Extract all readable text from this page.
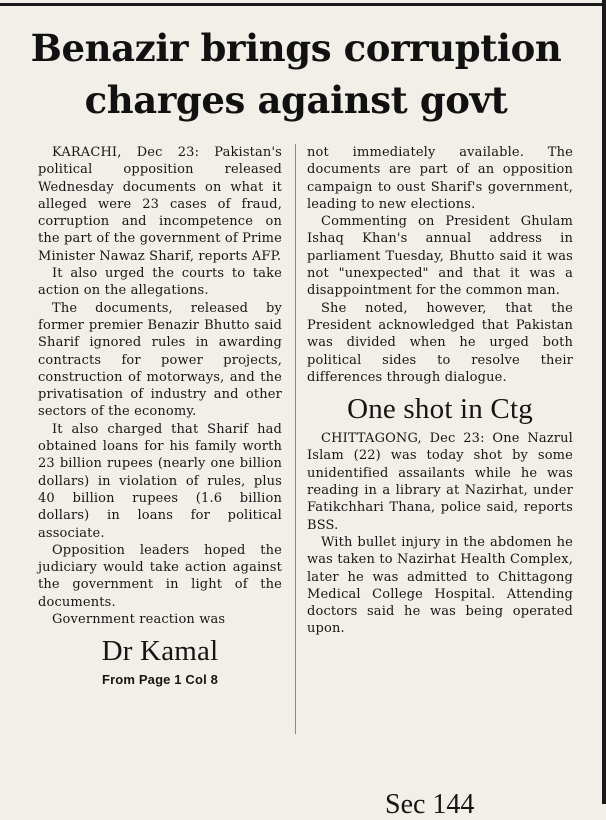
Benazir brings corruption
charges against govt

KARACHI, Dec 23: Pakistan's political opposition released Wednesday documents on what it alleged were 23 cases of fraud, corruption and incompetence on the part of the government of Prime Minister Nawaz Sharif, reports AFP.

It also urged the courts to take action on the allegations.

The documents, released by former premier Benazir Bhutto said Sharif ignored rules in awarding contracts for power projects, construction of motorways, and the privatisation of industry and other sectors of the economy.

It also charged that Sharif had obtained loans for his family worth 23 billion rupees (nearly one billion dollars) in violation of rules, plus 40 billion rupees (1.6 billion dollars) in loans for political associate.

Opposition leaders hoped the judiciary would take action against the government in light of the documents.

Government reaction was

Dr Kamal
From Page 1 Col 8

not immediately available. The documents are part of an opposition campaign to oust Sharif's government, leading to new elections.

Commenting on President Ghulam Ishaq Khan's annual address in parliament Tuesday, Bhutto said it was not "unexpected" and that it was a disappointment for the common man.

She noted, however, that the President acknowledged that Pakistan was divided when he urged both political sides to resolve their differences through dialogue.

One shot in Ctg

CHITTAGONG, Dec 23: One Nazrul Islam (22) was today shot by some unidentified assailants while he was reading in a library at Nazirhat, under Fatikchhari Thana, police said, reports BSS.

With bullet injury in the abdomen he was taken to Nazirhat Health Complex, later he was admitted to Chittagong Medical College Hospital. Attending doctors said he was being operated upon.

Sec 144
